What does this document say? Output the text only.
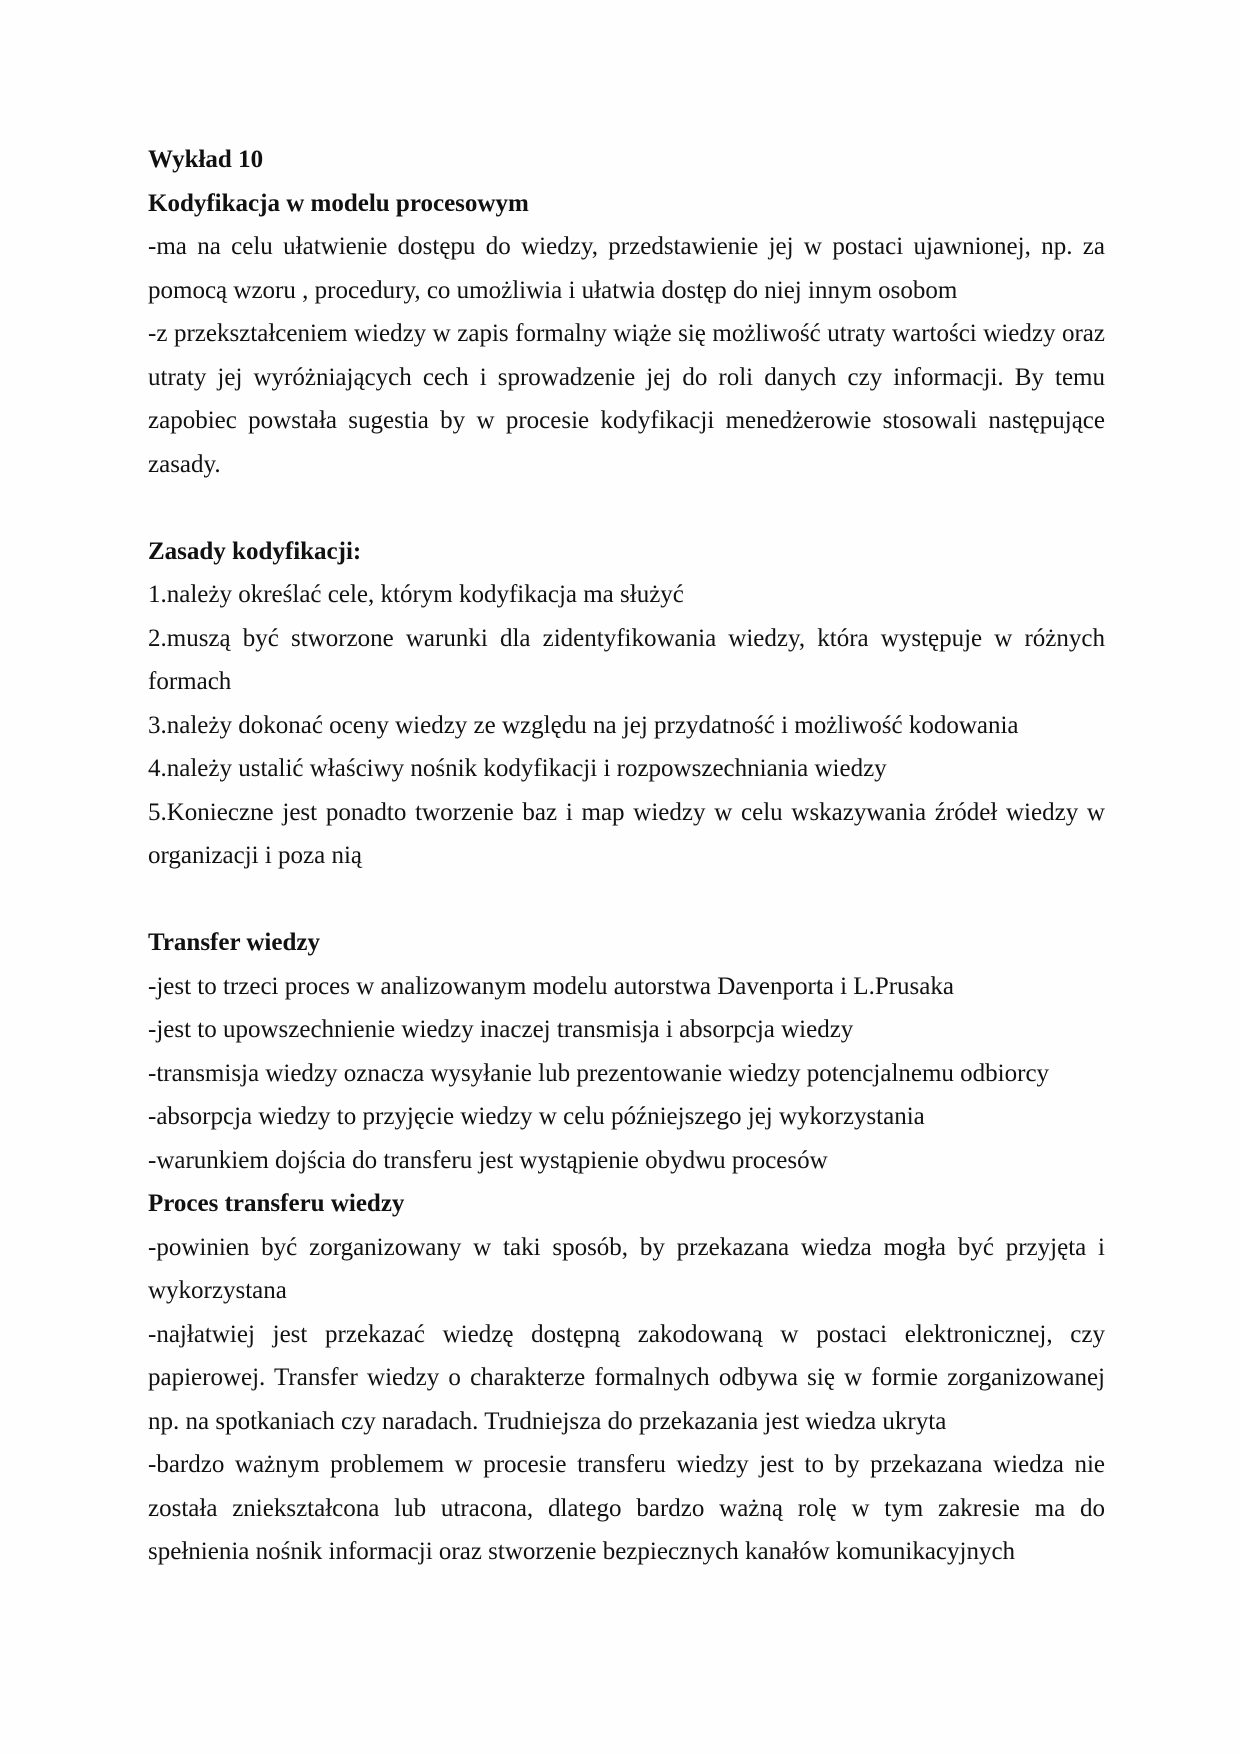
Wykład 10
Kodyfikacja w modelu procesowym

-ma na celu ułatwienie dostępu do wiedzy, przedstawienie jej w postaci ujawnionej, np. za pomocą wzoru , procedury, co umożliwia i ułatwia dostęp do niej innym osobom

-z przekształceniem wiedzy w zapis formalny wiąże się możliwość utraty wartości wiedzy oraz utraty jej wyróżniających cech i sprowadzenie jej do roli danych czy informacji. By temu zapobiec powstała sugestia by w procesie kodyfikacji menedżerowie stosowali następujące zasady.

Zasady kodyfikacji:

1.należy określać cele, którym kodyfikacja ma służyć

2.muszą być stworzone warunki dla zidentyfikowania wiedzy, która występuje w różnych formach

3.należy dokonać oceny wiedzy ze względu na jej przydatność i możliwość kodowania

4.należy ustalić właściwy nośnik kodyfikacji i rozpowszechniania wiedzy

5.Konieczne jest ponadto tworzenie baz i map wiedzy w celu wskazywania źródeł wiedzy w organizacji i poza nią

Transfer wiedzy

-jest to trzeci proces w analizowanym modelu autorstwa Davenporta i L.Prusaka

-jest to upowszechnienie wiedzy inaczej transmisja i absorpcja wiedzy

-transmisja wiedzy oznacza wysyłanie lub prezentowanie wiedzy potencjalnemu odbiorcy

-absorpcja wiedzy to przyjęcie wiedzy w celu późniejszego jej wykorzystania

-warunkiem dojścia do transferu jest wystąpienie obydwu procesów

Proces transferu wiedzy

-powinien być zorganizowany w taki sposób, by przekazana wiedza mogła być przyjęta i wykorzystana

-najłatwiej jest przekazać wiedzę dostępną zakodowaną w postaci elektronicznej, czy papierowej. Transfer wiedzy o charakterze formalnych odbywa się w formie zorganizowanej np. na spotkaniach czy naradach. Trudniejsza do przekazania jest wiedza ukryta

-bardzo ważnym problemem w procesie transferu wiedzy jest to by przekazana wiedza nie została zniekształcona lub utracona, dlatego bardzo ważną rolę w tym zakresie ma do spełnienia nośnik informacji oraz stworzenie bezpiecznych kanałów komunikacyjnych
